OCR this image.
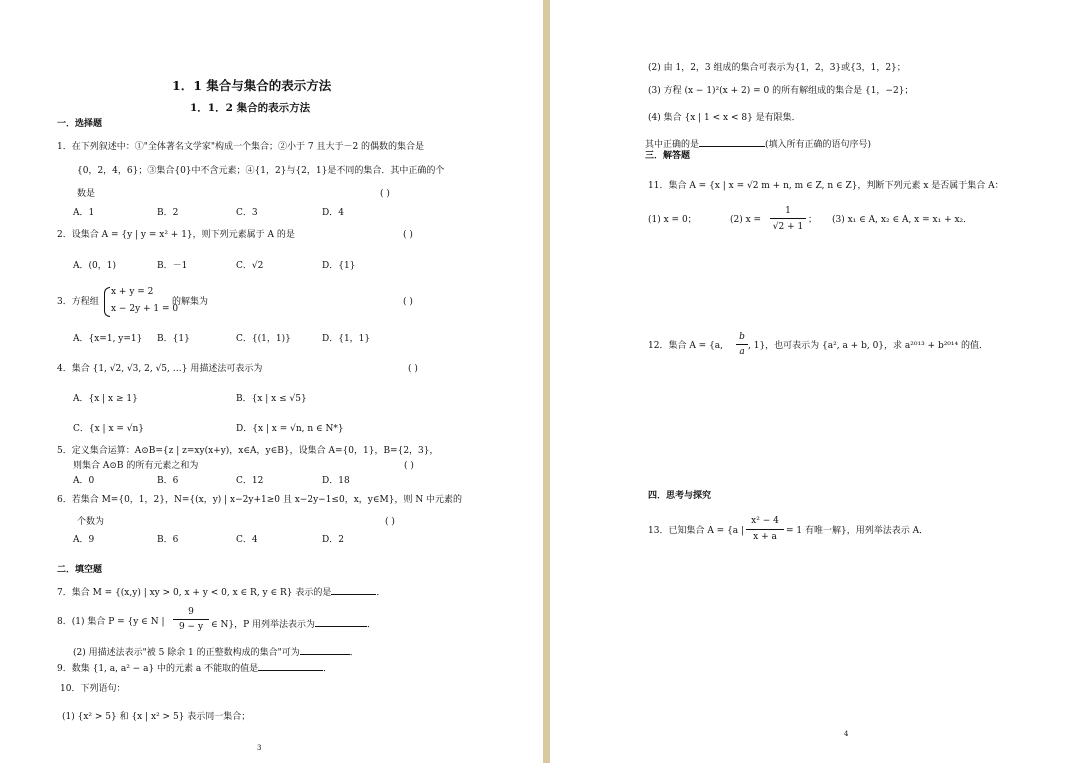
1．1 集合与集合的表示方法
1．1．2 集合的表示方法
一．选择题
1．在下列叙述中：①"全体著名文学家"构成一个集合；②小于 7 且大于－2 的偶数的集合是
{0，2，4，6}；③集合{0}中不含元素；④{1，2}与{2，1}是不同的集合．其中正确的个
数是	( )
A．1	B．2	C．3	D．4
2．设集合 A = {y | y = x² + 1}，则下列元素属于 A 的是	( )
A．(0，1)	B．－1	C．√2	D．{1}
3．方程组
x + y = 2
x − 2y + 1 = 0
的解集为	( )
A．{x=1, y=1} B．{1}	C．{(1，1)}	D．{1，1}
4．集合 {1, √2, √3, 2, √5, …} 用描述法可表示为	( )
A．{x | x ≥ 1}	B．{x | x ≤ √5}
C．{x | x = √n}	D．{x | x = √n, n ∈ N*}
5．定义集合运算：A⊙B={z | z=xy(x+y)，x∈A，y∈B}，设集合 A={0，1}，B={2，3}，
则集合 A⊙B 的所有元素之和为	( )
A．0	B．6	C．12	D．18
6．若集合 M={0，1，2}，N={(x，y) | x−2y+1≥0 且 x−2y−1≤0，x，y∈M}，则 N 中元素的
个数为	( )
A．9	B．6	C．4	D．2
二．填空题
7．集合 M = {(x,y) | xy > 0, x + y < 0, x ∈ R, y ∈ R} 表示的是	．
8．(1) 集合 P = {y ∈ N |
9
9 − y ∈ N}，P 用列举法表示为	．
(2) 用描述法表示"被 5 除余 1 的正整数构成的集合"可为	．
9．数集 {1, a, a² − a} 中的元素 a 不能取的值是	．
10．下列语句：
(1) {x² > 5} 和 {x | x² > 5} 表示同一集合；
3
(2) 由 1，2，3 组成的集合可表示为{1，2，3}或{3，1，2}；
(3) 方程 (x − 1)²(x + 2) = 0 的所有解组成的集合是 {1，−2}；
(4) 集合 {x | 1 < x < 8} 是有限集．
其中正确的是	(填入所有正确的语句序号)
三．解答题
11．集合 A = {x | x = √2 m + n, m ∈ Z, n ∈ Z}，判断下列元素 x 是否属于集合 A：
(1) x = 0；	(2) x =
1
√2 + 1
； (3) x₁ ∈ A, x₂ ∈ A, x = x₁ + x₂．
12．集合 A = {a,
b
a
, 1}，也可表示为 {a², a + b, 0}，求 a²⁰¹³ + b²⁰¹⁴ 的值．
四．思考与探究
13．已知集合 A = {a |
x² − 4
x + a
= 1 有唯一解}，用列举法表示 A．
4
